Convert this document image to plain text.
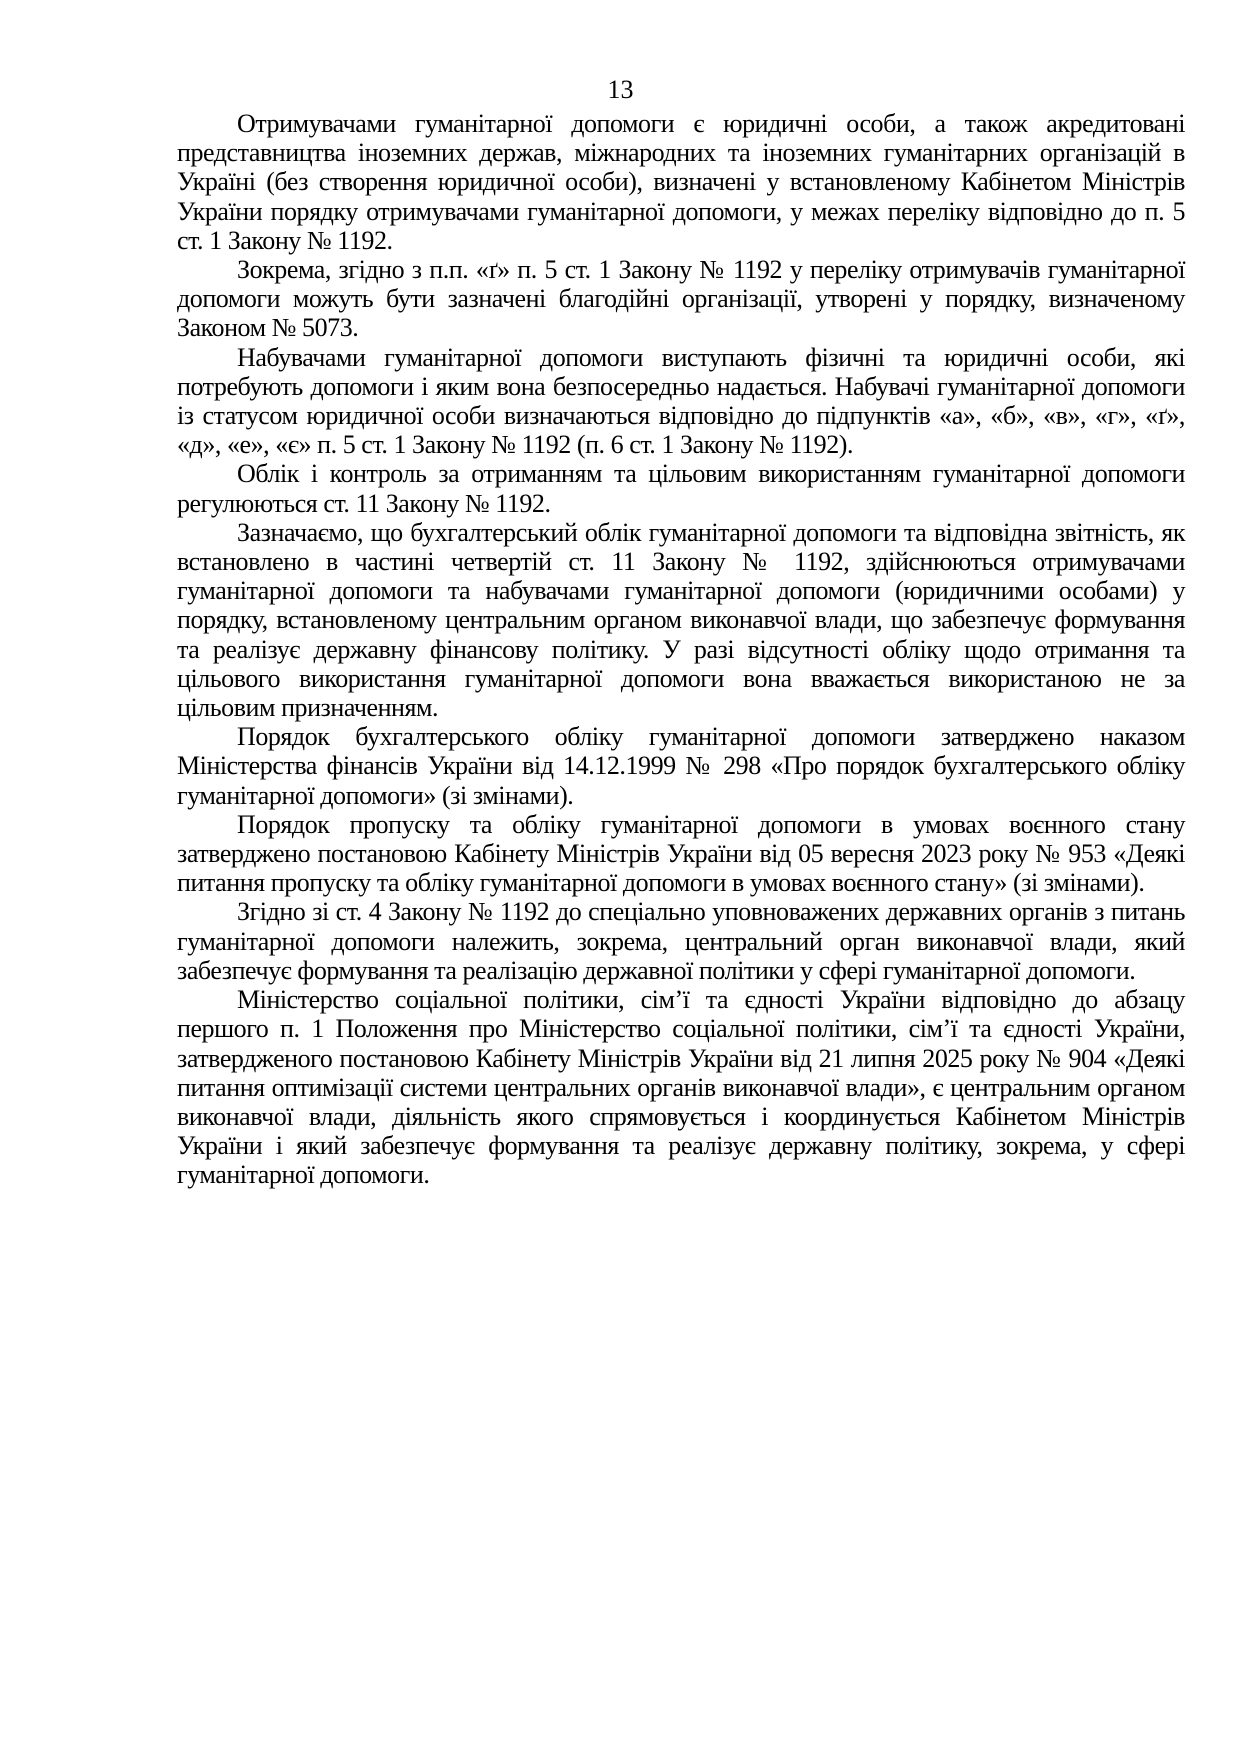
13

Отримувачами гуманітарної допомоги є юридичні особи, а також акредитовані представництва іноземних держав, міжнародних та іноземних гуманітарних організацій в Україні (без створення юридичної особи), визначені у встановленому Кабінетом Міністрів України порядку отримувачами гуманітарної допомоги, у межах переліку відповідно до п. 5 ст. 1 Закону № 1192.

Зокрема, згідно з п.п. «ґ» п. 5 ст. 1 Закону № 1192 у переліку отримувачів гуманітарної допомоги можуть бути зазначені благодійні організації, утворені у порядку, визначеному Законом № 5073.

Набувачами гуманітарної допомоги виступають фізичні та юридичні особи, які потребують допомоги і яким вона безпосередньо надається. Набувачі гуманітарної допомоги із статусом юридичної особи визначаються відповідно до підпунктів «а», «б», «в», «г», «ґ», «д», «е», «є» п. 5 ст. 1 Закону № 1192 (п. 6 ст. 1 Закону № 1192).

Облік і контроль за отриманням та цільовим використанням гуманітарної допомоги регулюються ст. 11 Закону № 1192.

Зазначаємо, що бухгалтерський облік гуманітарної допомоги та відповідна звітність, як встановлено в частині четвертій ст. 11 Закону № 1192, здійснюються отримувачами гуманітарної допомоги та набувачами гуманітарної допомоги (юридичними особами) у порядку, встановленому центральним органом виконавчої влади, що забезпечує формування та реалізує державну фінансову політику. У разі відсутності обліку щодо отримання та цільового використання гуманітарної допомоги вона вважається використаною не за цільовим призначенням.

Порядок бухгалтерського обліку гуманітарної допомоги затверджено наказом Міністерства фінансів України від 14.12.1999 № 298 «Про порядок бухгалтерського обліку гуманітарної допомоги» (зі змінами).

Порядок пропуску та обліку гуманітарної допомоги в умовах воєнного стану затверджено постановою Кабінету Міністрів України від 05 вересня 2023 року № 953 «Деякі питання пропуску та обліку гуманітарної допомоги в умовах воєнного стану» (зі змінами).

Згідно зі ст. 4 Закону № 1192 до спеціально уповноважених державних органів з питань гуманітарної допомоги належить, зокрема, центральний орган виконавчої влади, який забезпечує формування та реалізацію державної політики у сфері гуманітарної допомоги.

Міністерство соціальної політики, сім’ї та єдності України відповідно до абзацу першого п. 1 Положення про Міністерство соціальної політики, сім’ї та єдності України, затвердженого постановою Кабінету Міністрів України від 21 липня 2025 року № 904 «Деякі питання оптимізації системи центральних органів виконавчої влади», є центральним органом виконавчої влади, діяльність якого спрямовується і координується Кабінетом Міністрів України і який забезпечує формування та реалізує державну політику, зокрема, у сфері гуманітарної допомоги.
